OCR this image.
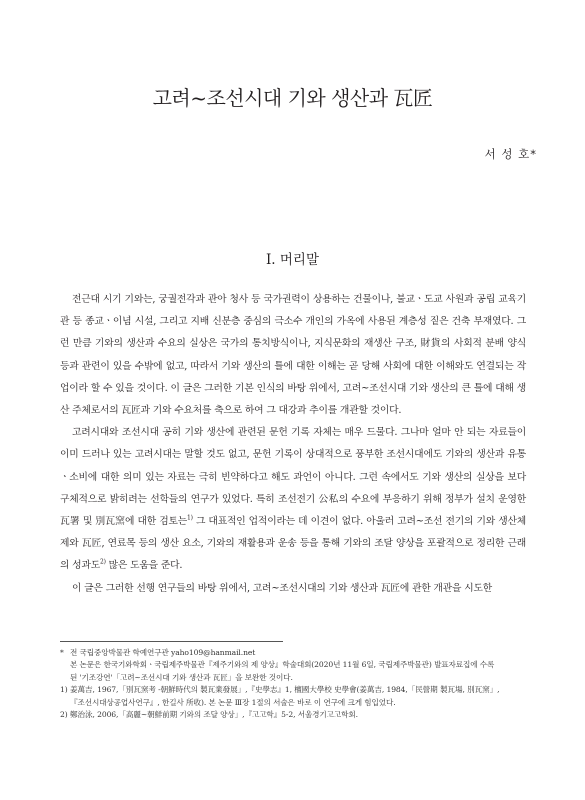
고려~조선시대 기와 생산과 瓦匠
서 성 호*
Ⅰ. 머리말

전근대 시기 기와는, 궁궐전각과 관아 청사 등 국가권력이 상용하는 건물이나, 불교ㆍ도교 사원과 공립 교육기관 등 종교ㆍ이념 시설, 그리고 지배 신분층 중심의 극소수 개인의 가옥에 사용된 계층성 짙은 건축 부재였다. 그런 만큼 기와의 생산과 수요의 실상은 국가의 통치방식이나, 지식문화의 재생산 구조, 財貨의 사회적 분배 양식 등과 관련이 있을 수밖에 없고, 따라서 기와 생산의 틀에 대한 이해는 곧 당해 사회에 대한 이해와도 연결되는 작업이라 할 수 있을 것이다. 이 글은 그러한 기본 인식의 바탕 위에서, 고려~조선시대 기와 생산의 큰 틀에 대해 생산 주체로서의 瓦匠과 기와 수요처를 축으로 하여 그 대강과 추이를 개관할 것이다.

고려시대와 조선시대 공히 기와 생산에 관련된 문헌 기록 자체는 매우 드물다. 그나마 얼마 안 되는 자료들이 이미 드러나 있는 고려시대는 말할 것도 없고, 문헌 기록이 상대적으로 풍부한 조선시대에도 기와의 생산과 유통ㆍ소비에 대한 의미 있는 자료는 극히 빈약하다고 해도 과언이 아니다. 그런 속에서도 기와 생산의 실상을 보다 구체적으로 밝히려는 선학들의 연구가 있었다. 특히 조선전기 公私의 수요에 부응하기 위해 정부가 설치 운영한 瓦署 및 別瓦窯에 대한 검토는$^{1)}$ 그 대표적인 업적이라는 데 이견이 없다. 아울러 고려~조선 전기의 기와 생산체제와 瓦匠, 연료목 등의 생산 요소, 기와의 재활용과 운송 등을 통해 기와의 조달 양상을 포괄적으로 정리한 근래의 성과도$^{2)}$ 많은 도움을 준다.

이 글은 그러한 선행 연구들의 바탕 위에서, 고려~조선시대의 기와 생산과 瓦匠에 관한 개관을 시도한

* 전 국립중앙박물관 학예연구관 yaho109@hanmail.net

본 논문은 한국기와학회ㆍ국립제주박물관『제주기와의 제 양상』학술대회(2020년 11월 6일, 국립제주박물관) 발표자료집에 수록

된 '기조강연'「고려~조선시대 기와 생산과 瓦匠」을 보완한 것이다.

1) 姜萬吉, 1967,「別瓦窯考 -朝鮮時代의 製瓦業發展」,『史學志』1, 檀國大學校 史學會(姜萬吉, 1984,「民營期 製瓦場, 別瓦窯」,

『조선시대상공업사연구』, 한길사 所收). 본 논문 Ⅲ장 1절의 서술은 바로 이 연구에 크게 힘입었다.

2) 鄭治泳, 2006,「高麗~朝鮮前期 기와의 조달 양상」,『고고학』5-2, 서울경기고고학회.
